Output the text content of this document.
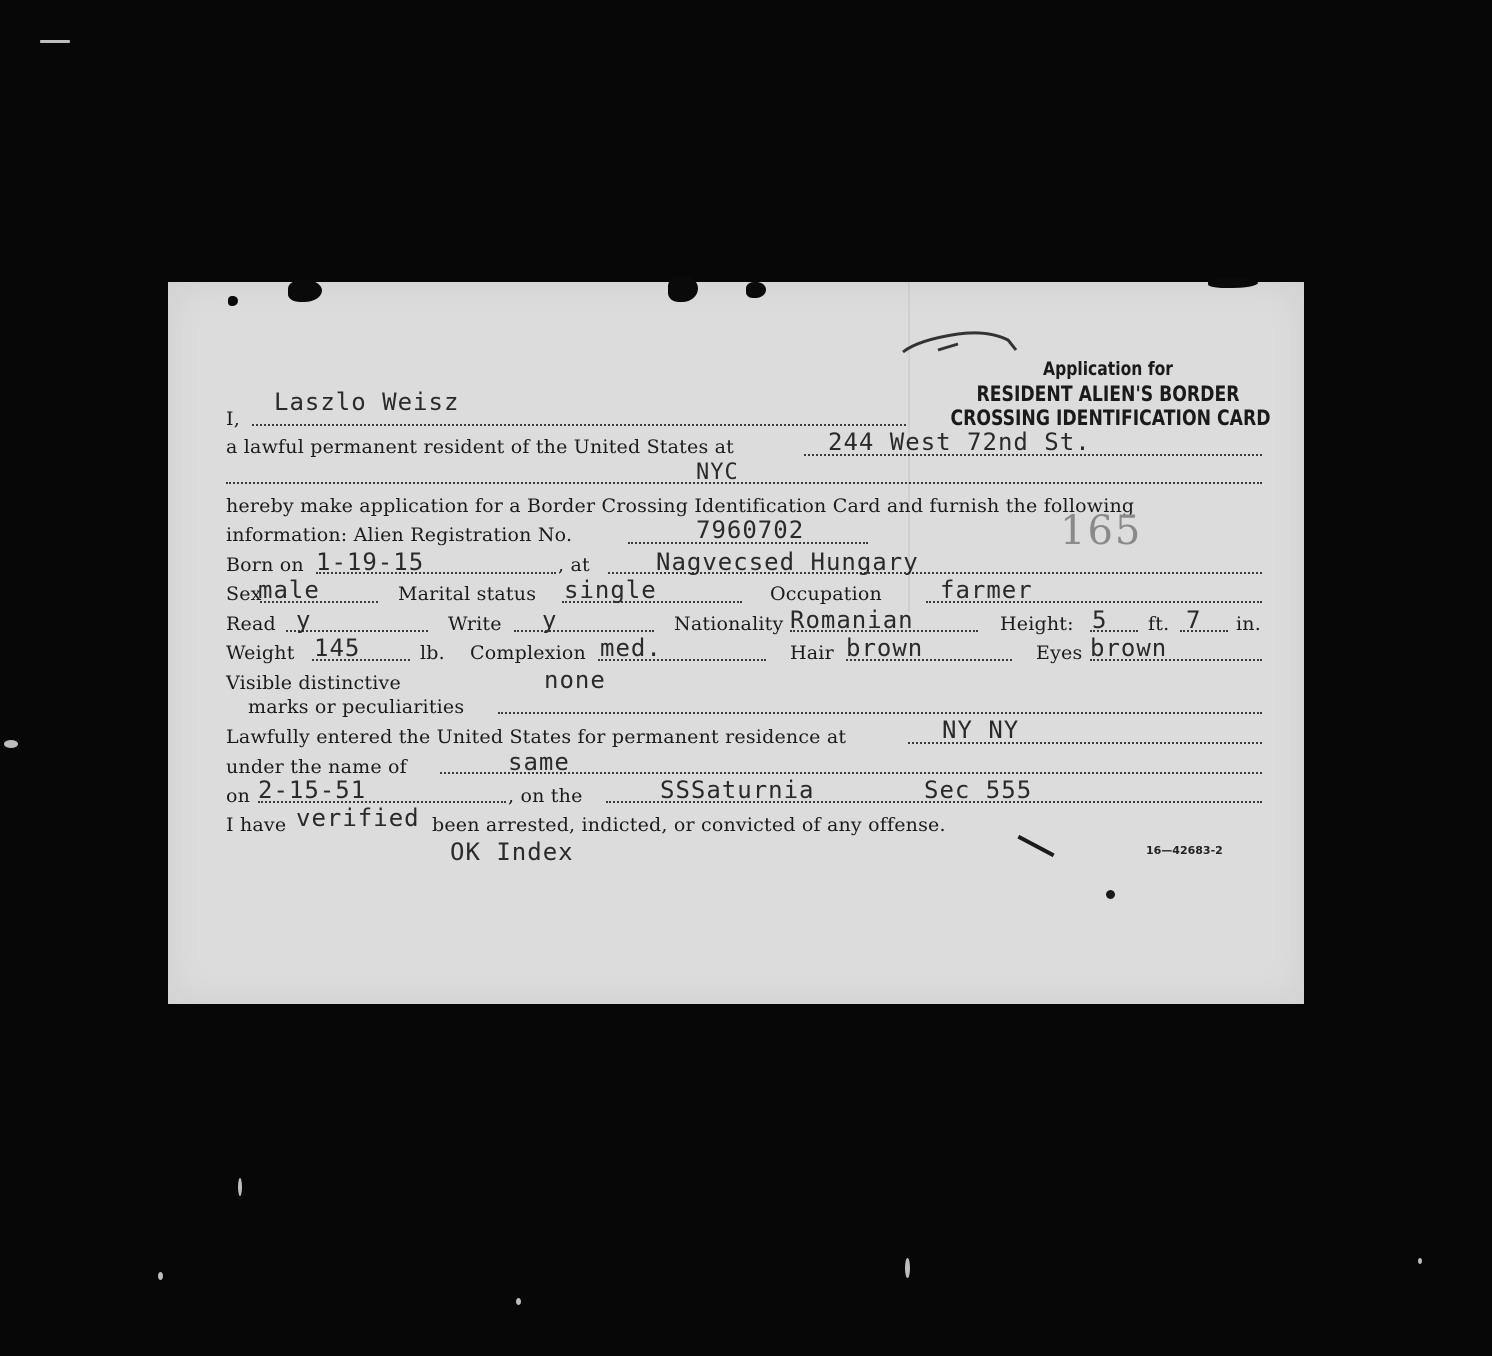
Application for
RESIDENT ALIEN'S BORDER
CROSSING IDENTIFICATION CARD
I,
Laszlo Weisz
a lawful permanent resident of the United States at	244 West 72nd St.
NYC
hereby make application for a Border Crossing Identification Card and furnish the following
information: Alien Registration No.	7960702	165
Born on 1-19-15	, at	Nagvecsed Hungary
Sex
male	Marital status single	Occupation farmer
Read y	Write y	Nationality Romanian	Height: 5 ft. 7 in.
Weight 145	lb. Complexion med.	Hair brown	Eyes brown
Visible distinctive	none
marks or peculiarities
Lawfully entered the United States for permanent residence at	NY NY
under the name of	same
on 2-15-51	, on the	SSSaturnia	Sec 555
I have verified been arrested, indicted, or convicted of any offense.
OK Index	16—42683-2
